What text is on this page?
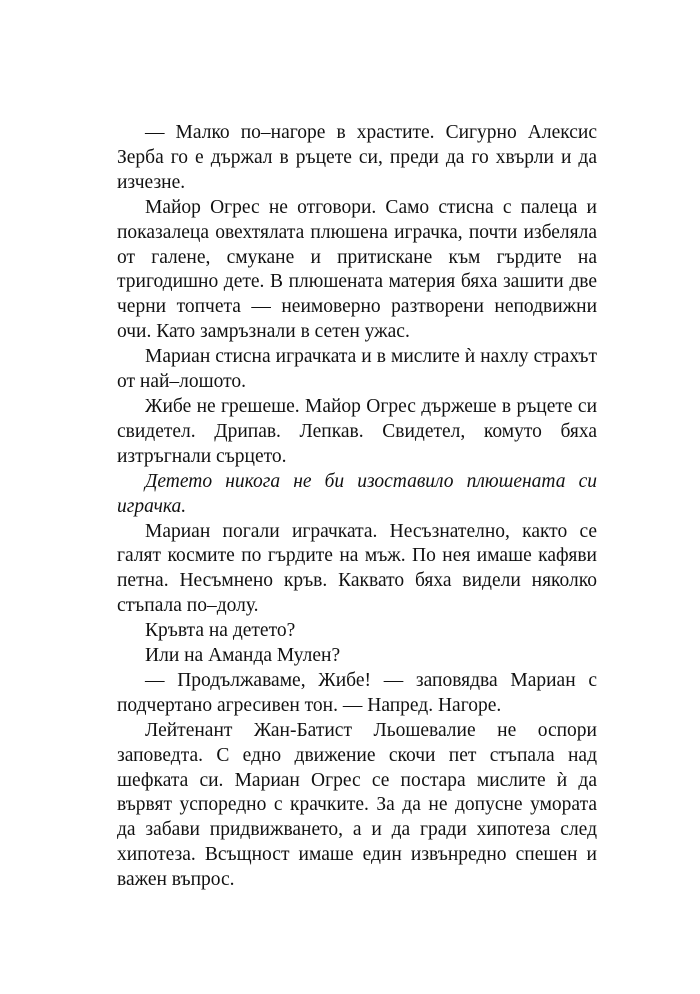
— Малко по–нагоре в храстите. Сигурно Алексис Зерба го е държал в ръцете си, преди да го хвърли и да изчезне.

Майор Огрес не отговори. Само стисна с палеца и показалеца овехтялата плюшена играчка, почти избеляла от галене, смукане и притискане към гърдите на тригодишно дете. В плюшената материя бяха зашити две черни топчета — неимоверно разтворени неподвижни очи. Като замръзнали в сетен ужас.

Мариан стисна играчката и в мислите ѝ нахлу страхът от най–лошото.

Жибе не грешеше. Майор Огрес държеше в ръцете си свидетел. Дрипав. Лепкав. Свидетел, комуто бяха изтръгнали сърцето.

Детето никога не би изоставило плюшената си играчка.

Мариан погали играчката. Несъзнателно, както се галят космите по гърдите на мъж. По нея имаше кафяви петна. Несъмнено кръв. Каквато бяха видели няколко стъпала по–долу.

Кръвта на детето?

Или на Аманда Мулен?

— Продължаваме, Жибе! — заповядва Мариан с подчертано агресивен тон. — Напред. Нагоре.

Лейтенант Жан-Батист Льошевалие не оспори заповедта. С едно движение скочи пет стъпала над шефката си. Мариан Огрес се постара мислите ѝ да вървят успоредно с крачките. За да не допусне умората да забави придвижването, а и да гради хипотеза след хипотеза. Всъщност имаше един извънредно спешен и важен въпрос.
